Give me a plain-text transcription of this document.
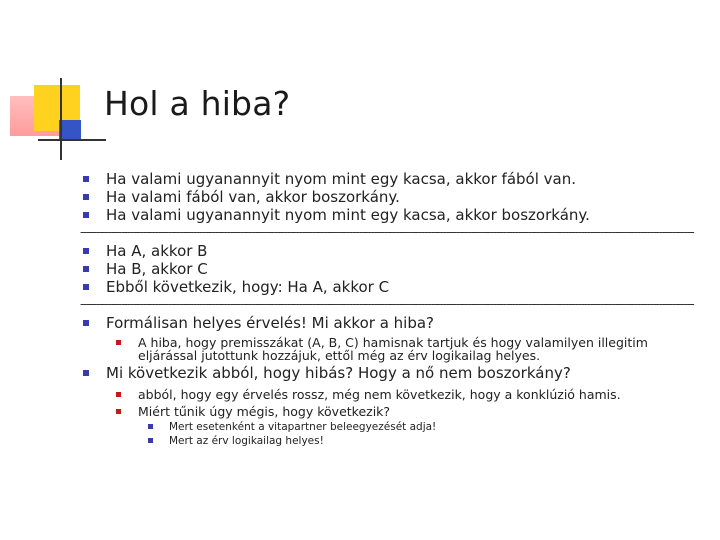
Hol a hiba?
Ha valami ugyanannyit nyom mint egy kacsa, akkor fából van.
Ha valami fából van, akkor boszorkány.
Ha valami ugyanannyit nyom mint egy kacsa, akkor boszorkány.
----------------------------------------------------------------------------------------------------------------------------------------------------------------------------------------------------
Ha A, akkor B
Ha B, akkor C
Ebből következik, hogy: Ha A, akkor C
----------------------------------------------------------------------------------------------------------------------------------------------------------------------------------------------------
Formálisan helyes érvelés! Mi akkor a hiba?
A hiba, hogy premisszákat (A, B, C) hamisnak tartjuk és hogy valamilyen illegitim eljárással jutottunk hozzájuk, ettől még az érv logikailag helyes.
Mi következik abból, hogy hibás? Hogy a nő nem boszorkány?
abból, hogy egy érvelés rossz, még nem következik, hogy a konklúzió hamis.
Miért tűnik úgy mégis, hogy következik?
Mert esetenként a vitapartner beleegyezését adja!
Mert az érv logikailag helyes!
